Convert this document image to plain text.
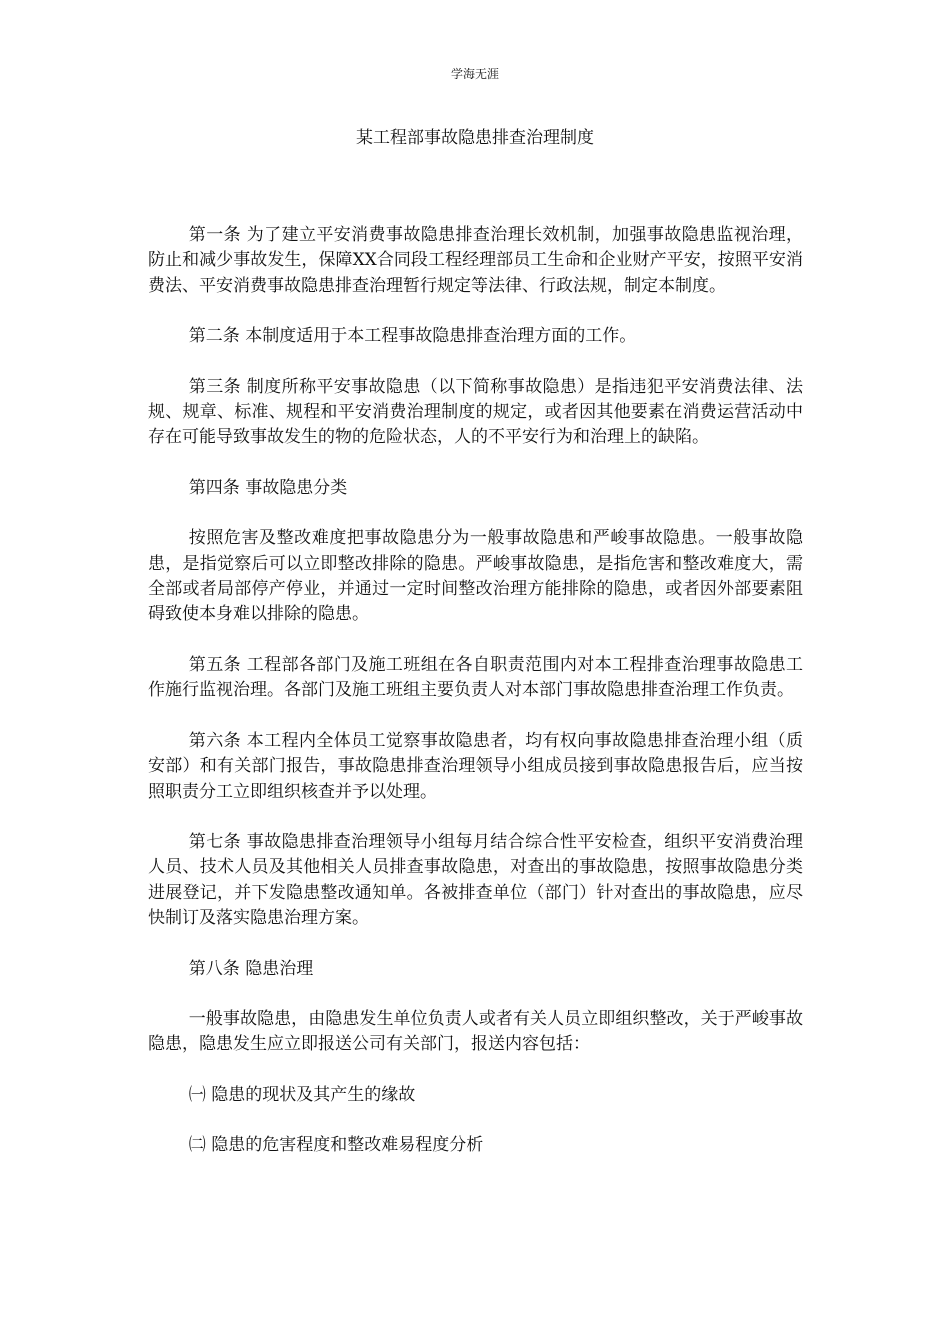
学海无涯
某工程部事故隐患排查治理制度

第一条 为了建立平安消费事故隐患排查治理长效机制，加强事故隐患监视治理，防止和减少事故发生，保障XX合同段工程经理部员工生命和企业财产平安，按照平安消费法、平安消费事故隐患排查治理暂行规定等法律、行政法规，制定本制度。

第二条 本制度适用于本工程事故隐患排查治理方面的工作。

第三条 制度所称平安事故隐患（以下简称事故隐患）是指违犯平安消费法律、法规、规章、标准、规程和平安消费治理制度的规定，或者因其他要素在消费运营活动中存在可能导致事故发生的物的危险状态，人的不平安行为和治理上的缺陷。

第四条 事故隐患分类

按照危害及整改难度把事故隐患分为一般事故隐患和严峻事故隐患。一般事故隐患，是指觉察后可以立即整改排除的隐患。严峻事故隐患，是指危害和整改难度大，需全部或者局部停产停业，并通过一定时间整改治理方能排除的隐患，或者因外部要素阻碍致使本身难以排除的隐患。

第五条 工程部各部门及施工班组在各自职责范围内对本工程排查治理事故隐患工作施行监视治理。各部门及施工班组主要负责人对本部门事故隐患排查治理工作负责。

第六条 本工程内全体员工觉察事故隐患者，均有权向事故隐患排查治理小组（质安部）和有关部门报告，事故隐患排查治理领导小组成员接到事故隐患报告后，应当按照职责分工立即组织核查并予以处理。

第七条 事故隐患排查治理领导小组每月结合综合性平安检查，组织平安消费治理人员、技术人员及其他相关人员排查事故隐患，对查出的事故隐患，按照事故隐患分类进展登记，并下发隐患整改通知单。各被排查单位（部门）针对查出的事故隐患，应尽快制订及落实隐患治理方案。

第八条 隐患治理

一般事故隐患，由隐患发生单位负责人或者有关人员立即组织整改，关于严峻事故隐患，隐患发生应立即报送公司有关部门，报送内容包括：

㈠ 隐患的现状及其产生的缘故

㈡ 隐患的危害程度和整改难易程度分析
